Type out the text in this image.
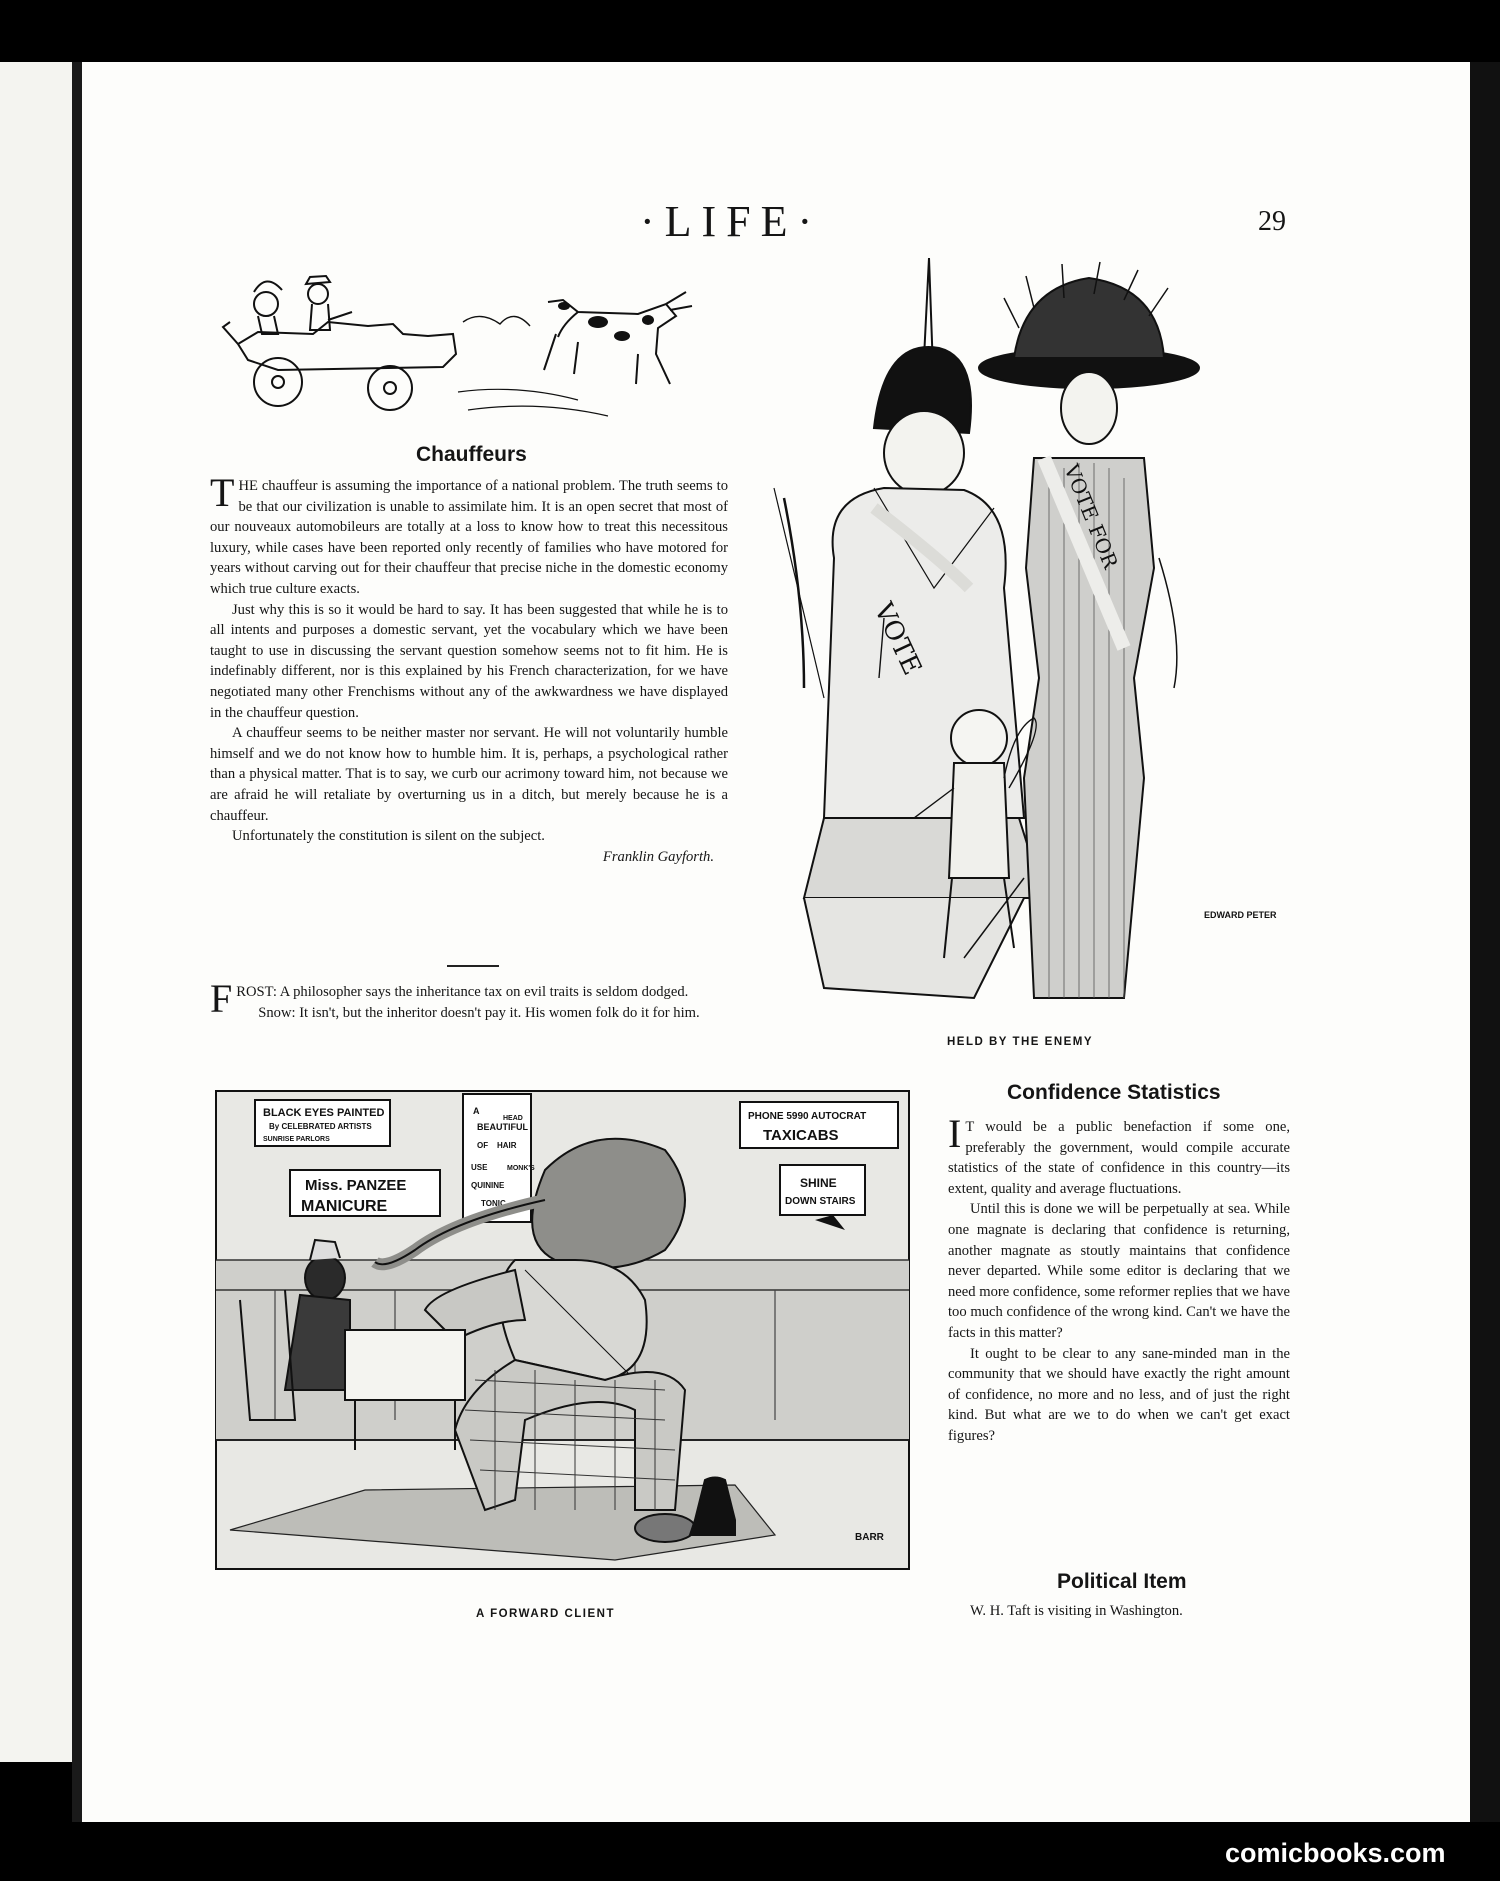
·LIFE·	29
Chauffeurs

THE chauffeur is assuming the importance of a national problem. The truth seems to be that our civilization is unable to assimilate him. It is an open secret that most of our nouveaux automobileurs are totally at a loss to know how to treat this necessitous luxury, while cases have been reported only recently of families who have motored for years without carving out for their chauffeur that precise niche in the domestic economy which true culture exacts.

Just why this is so it would be hard to say. It has been suggested that while he is to all intents and purposes a domestic servant, yet the vocabulary which we have been taught to use in discussing the servant question somehow seems not to fit him. He is indefinably different, nor is this explained by his French characterization, for we have negotiated many other Frenchisms without any of the awkwardness we have displayed in the chauffeur question.

A chauffeur seems to be neither master nor servant. He will not voluntarily humble himself and we do not know how to humble him. It is, perhaps, a psychological rather than a physical matter. That is to say, we curb our acrimony toward him, not because we are afraid he will retaliate by overturning us in a ditch, but merely because he is a chauffeur.

Unfortunately the constitution is silent on the subject.

Franklin Gayforth.

FROST: A philosopher says the inheritance tax on evil traits is seldom dodged.

Snow: It isn't, but the inheritor doesn't pay it. His women folk do it for him.

VOTE
VOTE FOR
EDWARD PETER
HELD BY THE ENEMY
BLACK EYES PAINTED
By CELEBRATED ARTISTS
SUNRISE PARLORS
A
BEAUTIFUL
OF HAIR
USE
QUININE
TONIC
HEAD
MONK'S
PHONE 5990 AUTOCRAT
TAXICABS
Miss. PANZEE
MANICURE
SHINE
DOWN STAIRS
BARR
A FORWARD CLIENT
Confidence Statistics

I T would be a public benefaction if some one, preferably the government, would compile accurate statistics of the state of confidence in this country—its extent, quality and average fluctuations.

Until this is done we will be perpetually at sea. While one magnate is declaring that confidence is returning, another magnate as stoutly maintains that confidence never departed. While some editor is declaring that we need more confidence, some reformer replies that we have too much confidence of the wrong kind. Can't we have the facts in this matter?

It ought to be clear to any sane-minded man in the community that we should have exactly the right amount of confidence, no more and no less, and of just the right kind. But what are we to do when we can't get exact figures?

Political Item
W. H. Taft is visiting in Washington.
comicbooks.com
